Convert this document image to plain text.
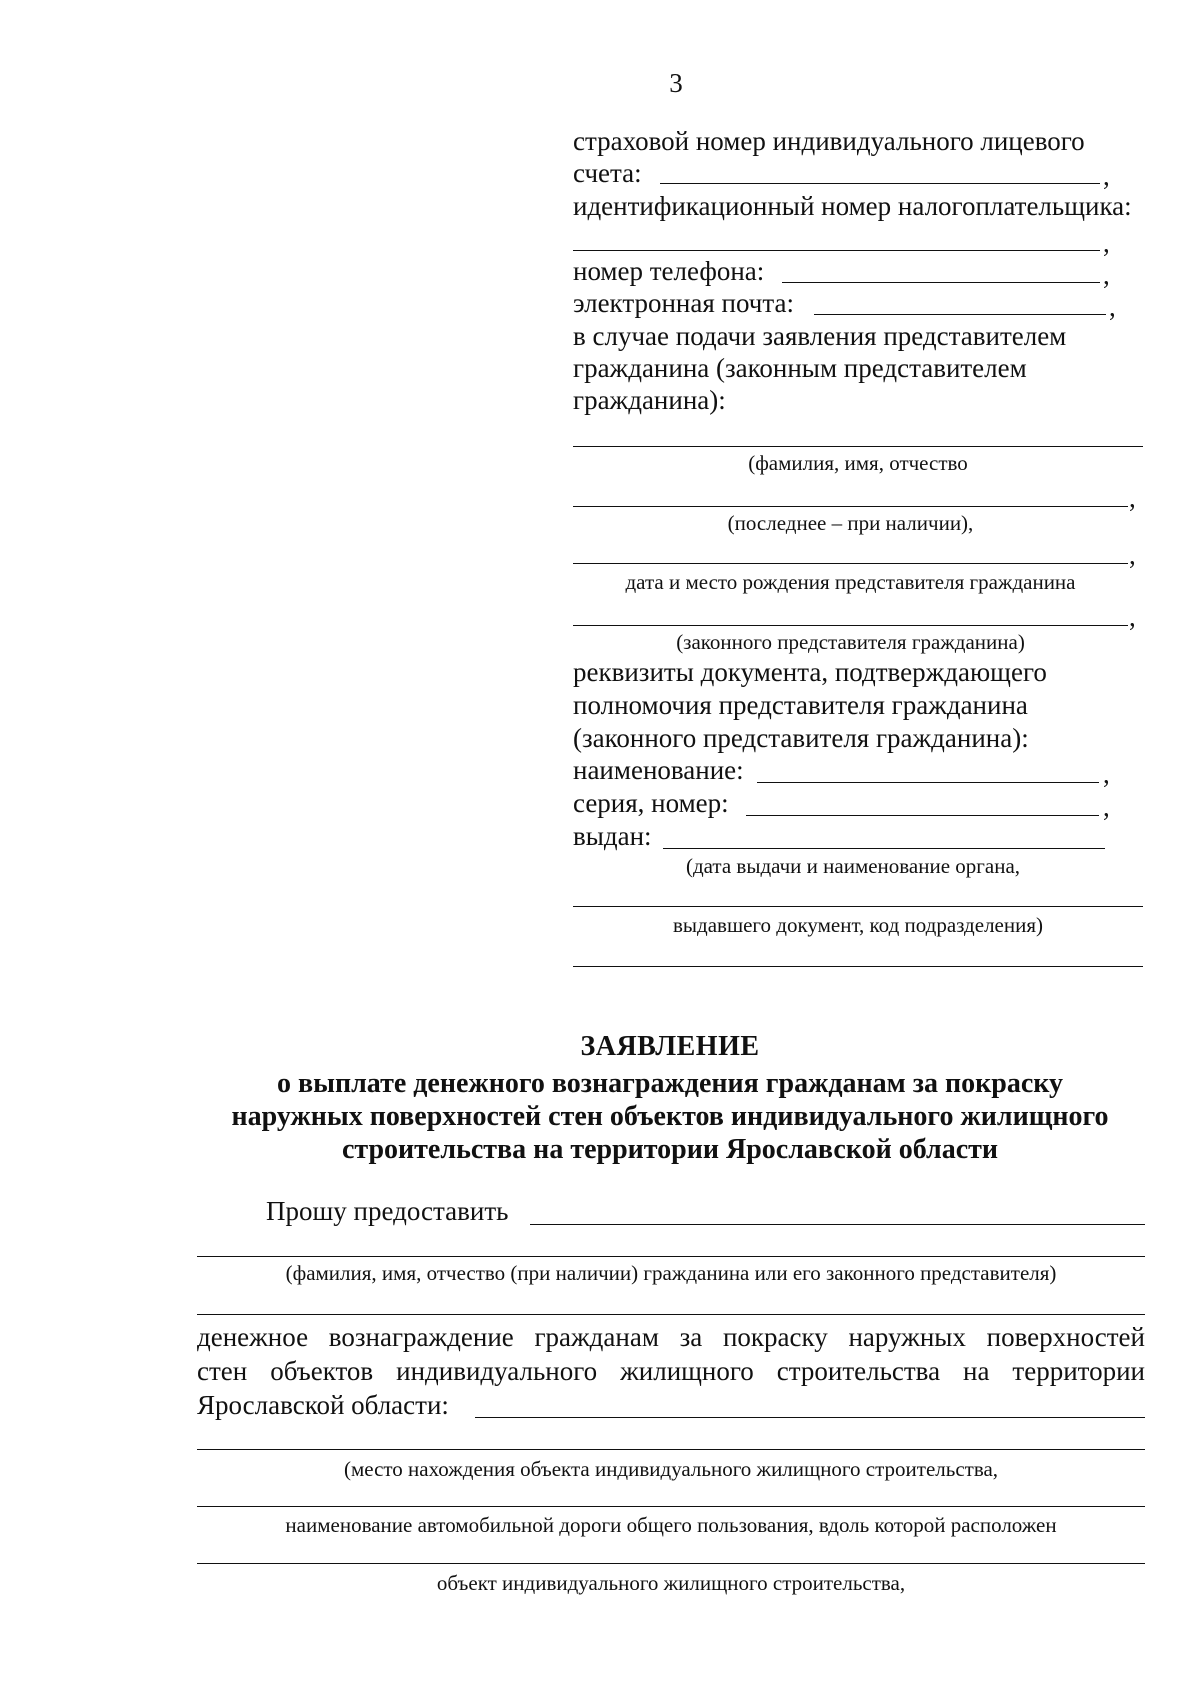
3
страховой номер индивидуального лицевого
счета:	,
идентификационный номер налогоплательщика:
,
номер телефона:	,
электронная почта:	,
в случае подачи заявления представителем
гражданина (законным представителем
гражданина):
(фамилия, имя, отчество
,
(последнее – при наличии),
,
дата и место рождения представителя гражданина
,
(законного представителя гражданина)
реквизиты документа, подтверждающего
полномочия представителя гражданина
(законного представителя гражданина):
наименование:	,
серия, номер:	,
выдан:
(дата выдачи и наименование органа,
выдавшего документ, код подразделения)
ЗАЯВЛЕНИЕ
о выплате денежного вознаграждения гражданам за покраску
наружных поверхностей стен объектов индивидуального жилищного
строительства на территории Ярославской области
Прошу предоставить
(фамилия, имя, отчество (при наличии) гражданина или его законного представителя)
денежное вознаграждение гражданам за покраску наружных поверхностей
стен объектов индивидуального жилищного строительства на территории
Ярославской области:
(место нахождения объекта индивидуального жилищного строительства,
наименование автомобильной дороги общего пользования, вдоль которой расположен
объект индивидуального жилищного строительства,
